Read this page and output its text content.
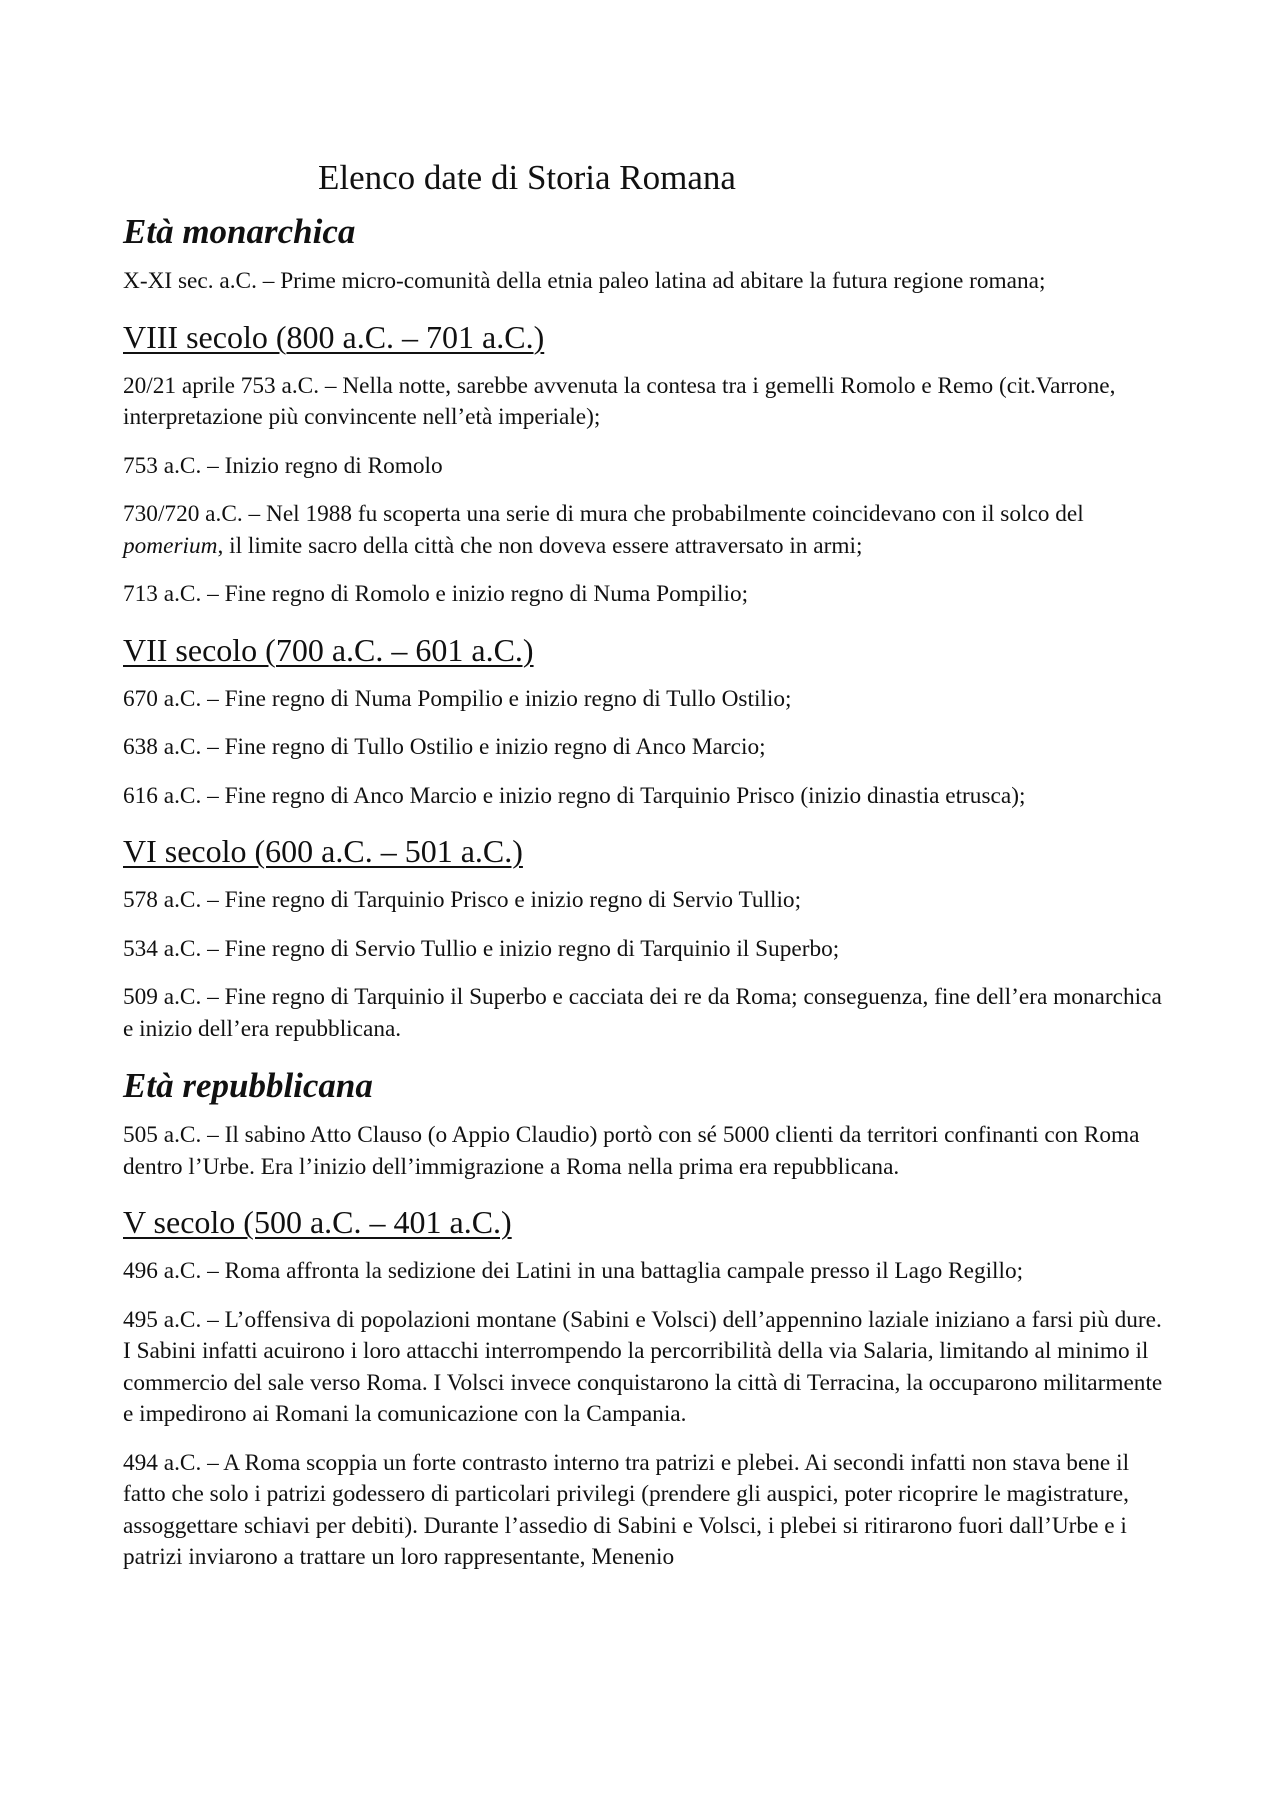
Elenco date di Storia Romana
Età monarchica

X-XI sec. a.C. – Prime micro-comunità della etnia paleo latina ad abitare la futura regione romana;

VIII secolo (800 a.C. – 701 a.C.)

20/21 aprile 753 a.C. – Nella notte, sarebbe avvenuta la contesa tra i gemelli Romolo e Remo (cit.Varrone, interpretazione più convincente nell’età imperiale);

753 a.C. – Inizio regno di Romolo

730/720 a.C. – Nel 1988 fu scoperta una serie di mura che probabilmente coincidevano con il solco del pomerium, il limite sacro della città che non doveva essere attraversato in armi;

713 a.C. – Fine regno di Romolo e inizio regno di Numa Pompilio;

VII secolo (700 a.C. – 601 a.C.)

670 a.C. – Fine regno di Numa Pompilio e inizio regno di Tullo Ostilio;

638 a.C. – Fine regno di Tullo Ostilio e inizio regno di Anco Marcio;

616 a.C. – Fine regno di Anco Marcio e inizio regno di Tarquinio Prisco (inizio dinastia etrusca);

VI secolo (600 a.C. – 501 a.C.)

578 a.C. – Fine regno di Tarquinio Prisco e inizio regno di Servio Tullio;

534 a.C. – Fine regno di Servio Tullio e inizio regno di Tarquinio il Superbo;

509 a.C. – Fine regno di Tarquinio il Superbo e cacciata dei re da Roma; conseguenza, fine dell’era monarchica e inizio dell’era repubblicana.

Età repubblicana

505 a.C. – Il sabino Atto Clauso (o Appio Claudio) portò con sé 5000 clienti da territori confinanti con Roma dentro l’Urbe. Era l’inizio dell’immigrazione a Roma nella prima era repubblicana.

V secolo (500 a.C. – 401 a.C.)

496 a.C. – Roma affronta la sedizione dei Latini in una battaglia campale presso il Lago Regillo;

495 a.C. – L’offensiva di popolazioni montane (Sabini e Volsci) dell’appennino laziale iniziano a farsi più dure. I Sabini infatti acuirono i loro attacchi interrompendo la percorribilità della via Salaria, limitando al minimo il commercio del sale verso Roma. I Volsci invece conquistarono la città di Terracina, la occuparono militarmente e impedirono ai Romani la comunicazione con la Campania.

494 a.C. – A Roma scoppia un forte contrasto interno tra patrizi e plebei. Ai secondi infatti non stava bene il fatto che solo i patrizi godessero di particolari privilegi (prendere gli auspici, poter ricoprire le magistrature, assoggettare schiavi per debiti). Durante l’assedio di Sabini e Volsci, i plebei si ritirarono fuori dall’Urbe e i patrizi inviarono a trattare un loro rappresentante, Menenio
